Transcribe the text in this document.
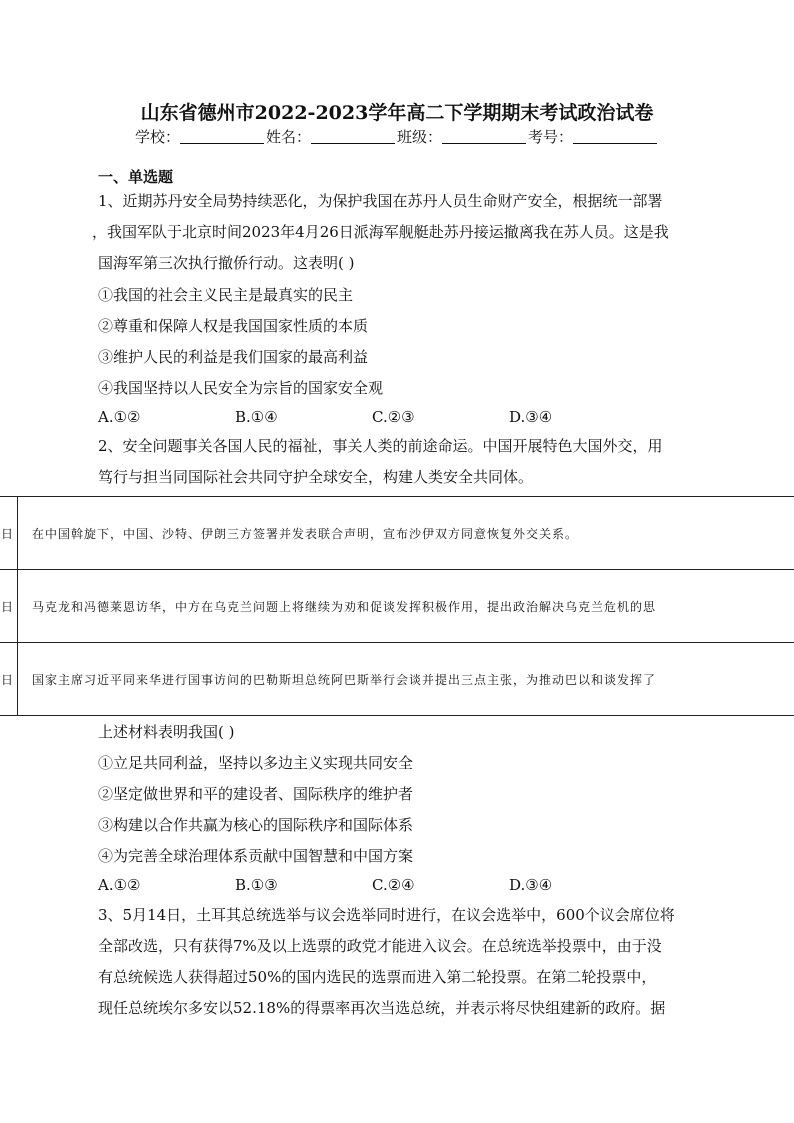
山东省德州市2022-2023学年高二下学期期末考试政治试卷
学校：	姓名：	班级：	考号：
一、单选题
1、近期苏丹安全局势持续恶化，为保护我国在苏丹人员生命财产安全，根据统一部署
，我国军队于北京时间2023年4月26日派海军舰艇赴苏丹接运撤离我在苏人员。这是我
国海军第三次执行撤侨行动。这表明( )
①我国的社会主义民主是最真实的民主
②尊重和保障人权是我国国家性质的本质
③维护人民的利益是我们国家的最高利益
④我国坚持以人民安全为宗旨的国家安全观
A.①②	B.①④	C.②③	D.③④
2、安全问题事关各国人民的福祉，事关人类的前途命运。中国开展特色大国外交，用
笃行与担当同国际社会共同守护全球安全，构建人类安全共同体。
日	在中国斡旋下，中国、沙特、伊朗三方签署并发表联合声明，宣布沙伊双方同意恢复外交关系。
日	马克龙和冯德莱恩访华，中方在乌克兰问题上将继续为劝和促谈发挥积极作用，提出政治解决乌克兰危机的思
日	国家主席习近平同来华进行国事访问的巴勒斯坦总统阿巴斯举行会谈并提出三点主张，为推动巴以和谈发挥了
上述材料表明我国( )
①立足共同利益，坚持以多边主义实现共同安全
②坚定做世界和平的建设者、国际秩序的维护者
③构建以合作共赢为核心的国际秩序和国际体系
④为完善全球治理体系贡献中国智慧和中国方案
A.①②	B.①③	C.②④	D.③④
3、5月14日，土耳其总统选举与议会选举同时进行，在议会选举中，600个议会席位将
全部改选，只有获得7%及以上选票的政党才能进入议会。在总统选举投票中，由于没
有总统候选人获得超过50%的国内选民的选票而进入第二轮投票。在第二轮投票中，
现任总统埃尔多安以52.18%的得票率再次当选总统，并表示将尽快组建新的政府。据
